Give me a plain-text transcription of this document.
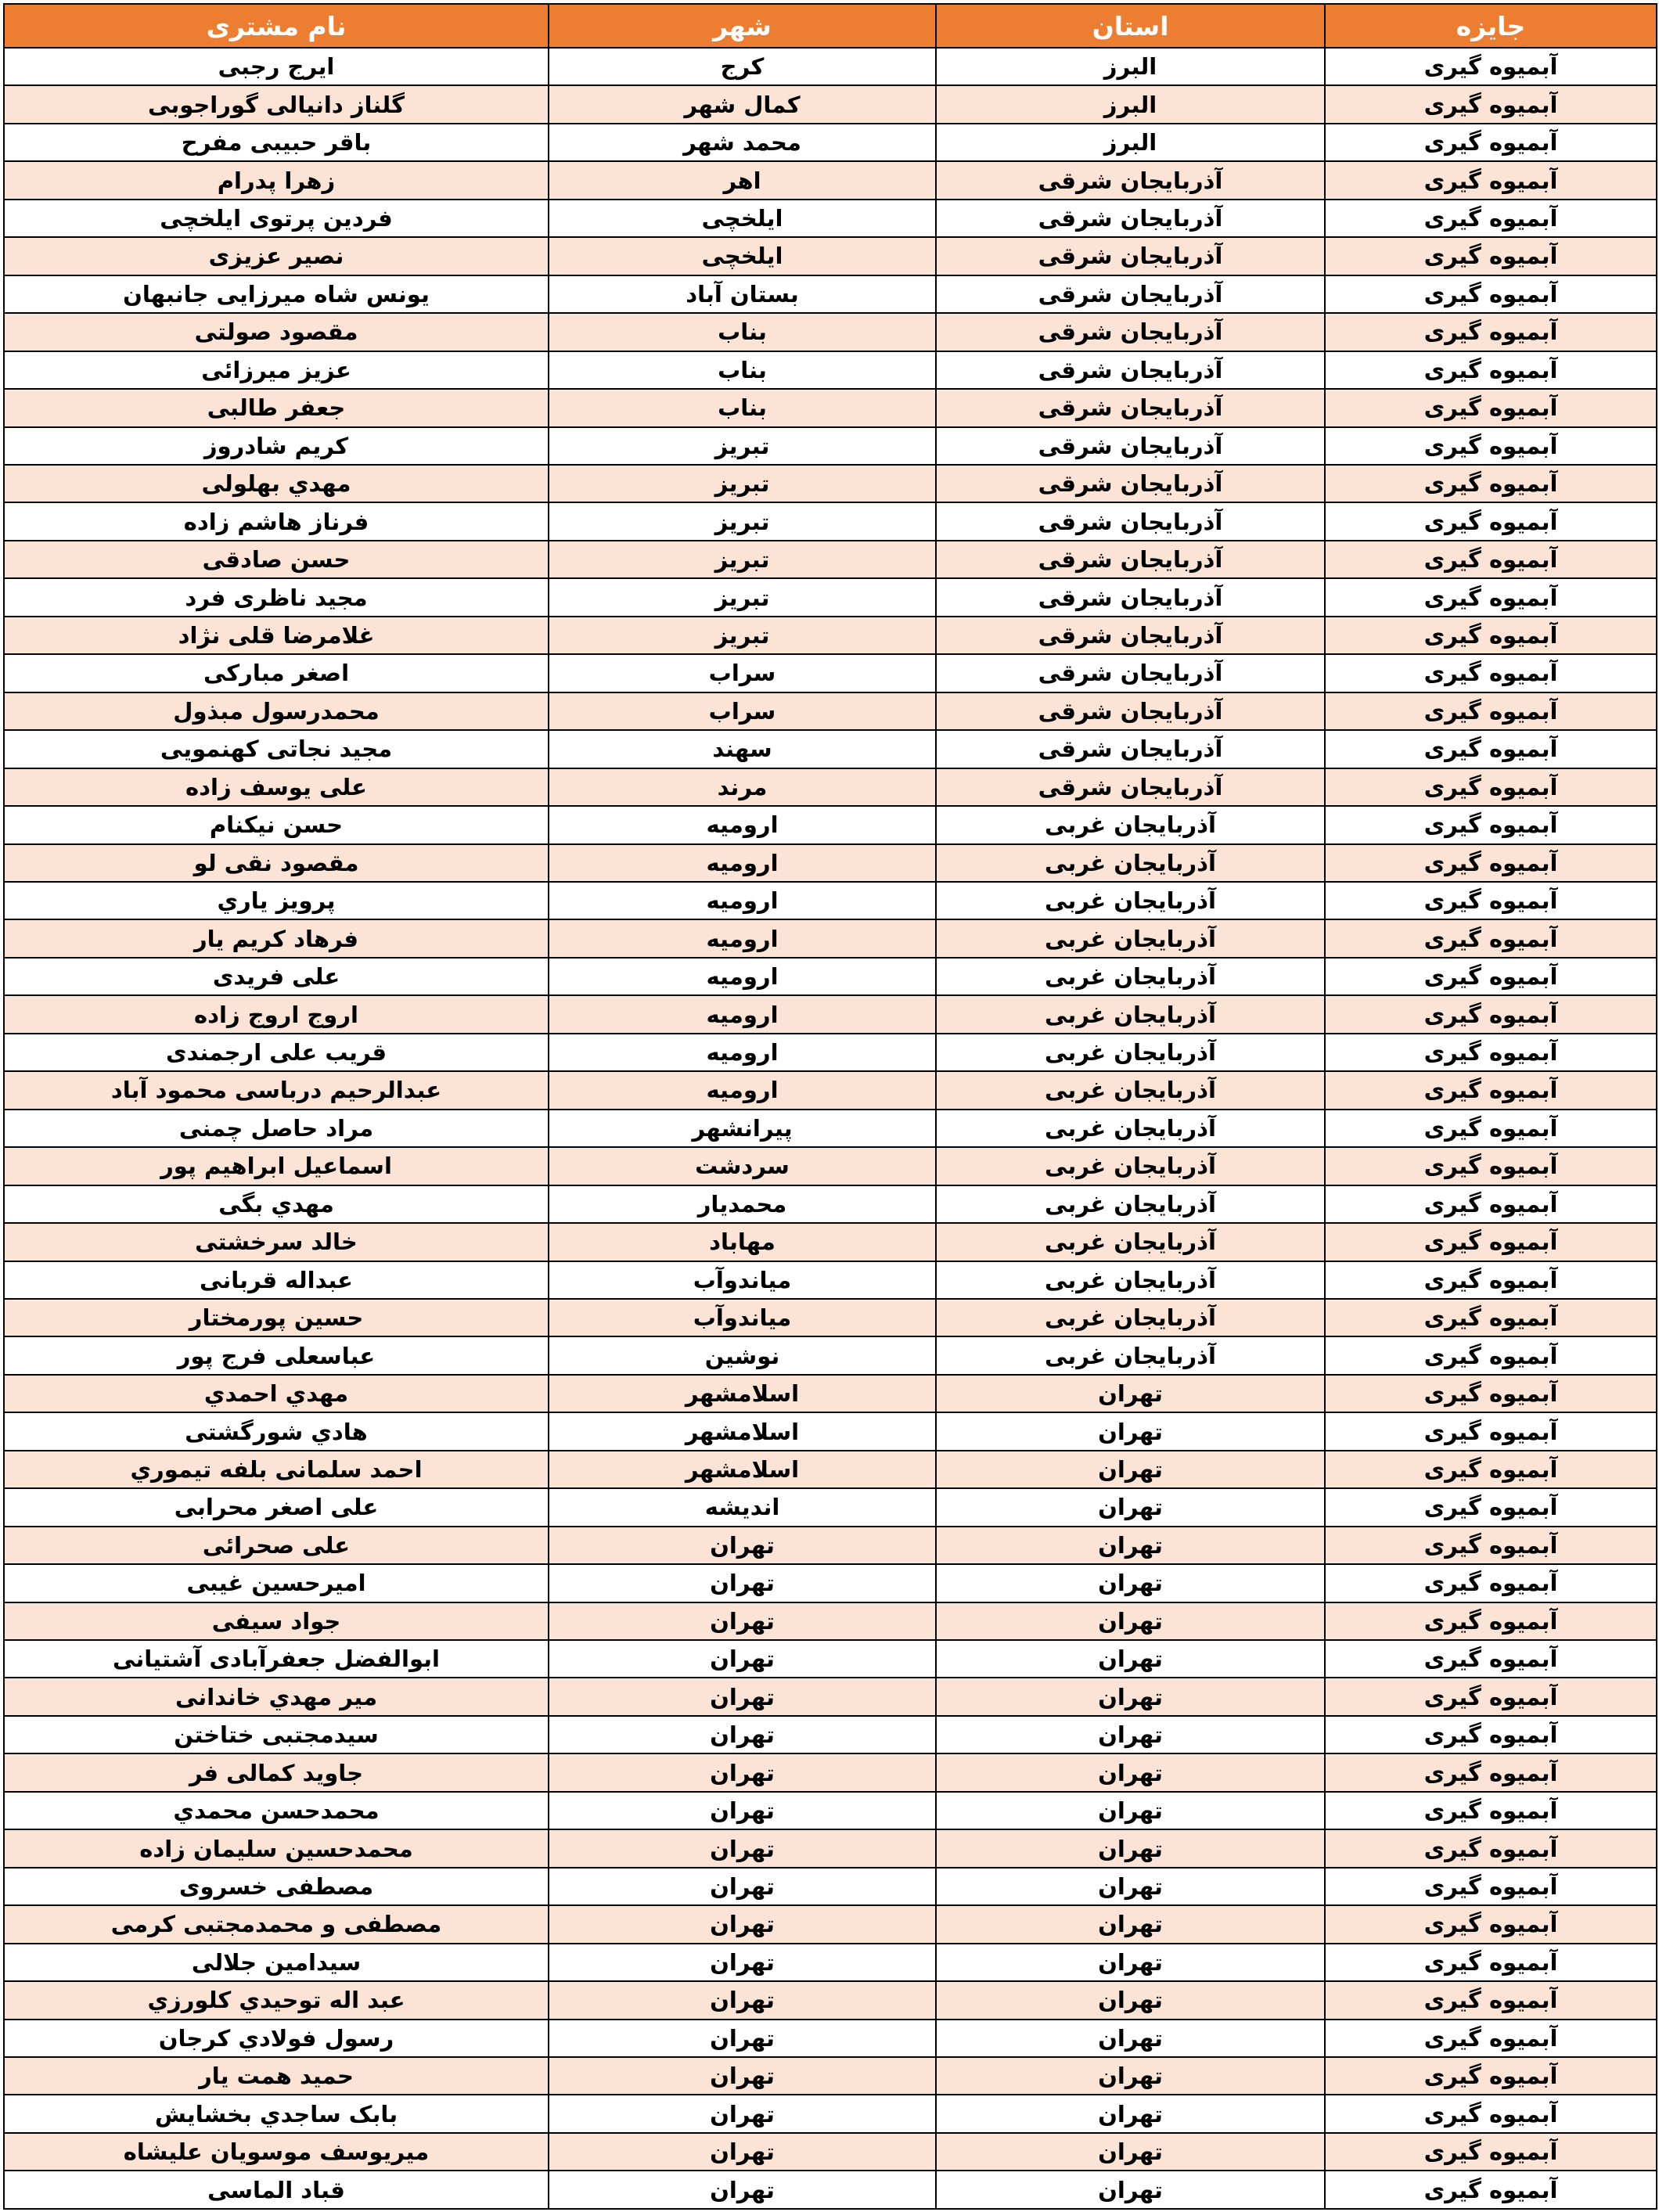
جایزه	استان	شهر	نام مشتری
آبمیوه گیری	البرز	کرج	ایرج رجبی
آبمیوه گیری	البرز	کمال شهر	گلناز دانیالی گوراجوبی
آبمیوه گیری	البرز	محمد شهر	باقر حبیبی مفرح
آبمیوه گیری	آذربایجان شرقی	اهر	زهرا پدرام
آبمیوه گیری	آذربایجان شرقی	ایلخچی	فردین پرتوی ایلخچی
آبمیوه گیری	آذربایجان شرقی	ایلخچی	نصیر عزیزی
آبمیوه گیری	آذربایجان شرقی	بستان آباد	یونس شاه میرزایی جانبهان
آبمیوه گیری	آذربایجان شرقی	بناب	مقصود صولتی
آبمیوه گیری	آذربایجان شرقی	بناب	عزیز میرزائی
آبمیوه گیری	آذربایجان شرقی	بناب	جعفر طالبی
آبمیوه گیری	آذربایجان شرقی	تبریز	کریم شادروز
آبمیوه گیری	آذربایجان شرقی	تبریز	مهدي بهلولی
آبمیوه گیری	آذربایجان شرقی	تبریز	فرناز هاشم زاده
آبمیوه گیری	آذربایجان شرقی	تبریز	حسن صادقی
آبمیوه گیری	آذربایجان شرقی	تبریز	مجید ناظری فرد
آبمیوه گیری	آذربایجان شرقی	تبریز	غلامرضا قلی نژاد
آبمیوه گیری	آذربایجان شرقی	سراب	اصغر مبارکی
آبمیوه گیری	آذربایجان شرقی	سراب	محمدرسول مبذول
آبمیوه گیری	آذربایجان شرقی	سهند	مجید نجاتی کهنمویی
آبمیوه گیری	آذربایجان شرقی	مرند	علی یوسف زاده
آبمیوه گیری	آذربایجان غربی	ارومیه	حسن نیکنام
آبمیوه گیری	آذربایجان غربی	ارومیه	مقصود نقی لو
آبمیوه گیری	آذربایجان غربی	ارومیه	پرويز ياري
آبمیوه گیری	آذربایجان غربی	ارومیه	فرهاد کریم یار
آبمیوه گیری	آذربایجان غربی	ارومیه	علی فریدی
آبمیوه گیری	آذربایجان غربی	ارومیه	اروج اروج زاده
آبمیوه گیری	آذربایجان غربی	ارومیه	قریب علی ارجمندی
آبمیوه گیری	آذربایجان غربی	ارومیه	عبدالرحیم درباسی محمود آباد
آبمیوه گیری	آذربایجان غربی	پیرانشهر	مراد حاصل چمنی
آبمیوه گیری	آذربایجان غربی	سردشت	اسماعیل ابراهیم پور
آبمیوه گیری	آذربایجان غربی	محمدیار	مهدي بگی
آبمیوه گیری	آذربایجان غربی	مهاباد	خالد سرخشتی
آبمیوه گیری	آذربایجان غربی	میاندوآب	عبداله قربانی
آبمیوه گیری	آذربایجان غربی	میاندوآب	حسین پورمختار
آبمیوه گیری	آذربایجان غربی	نوشین	عباسعلی فرج پور
آبمیوه گیری	تهران	اسلامشهر	مهدي احمدي
آبمیوه گیری	تهران	اسلامشهر	هادي شورگشتی
آبمیوه گیری	تهران	اسلامشهر	احمد سلمانی بلفه تیموري
آبمیوه گیری	تهران	اندیشه	علی اصغر محرابی
آبمیوه گیری	تهران	تهران	علی صحرائی
آبمیوه گیری	تهران	تهران	امیرحسین غیبی
آبمیوه گیری	تهران	تهران	جواد سیفی
آبمیوه گیری	تهران	تهران	ابوالفضل جعفرآبادی آشتیانی
آبمیوه گیری	تهران	تهران	میر مهدي خاندانی
آبمیوه گیری	تهران	تهران	سیدمجتبی ختاختن
آبمیوه گیری	تهران	تهران	جاوید کمالی فر
آبمیوه گیری	تهران	تهران	محمدحسن محمدي
آبمیوه گیری	تهران	تهران	محمدحسین سلیمان زاده
آبمیوه گیری	تهران	تهران	مصطفی خسروی
آبمیوه گیری	تهران	تهران	مصطفی و محمدمجتبی کرمی
آبمیوه گیری	تهران	تهران	سیدامین جلالی
آبمیوه گیری	تهران	تهران	عبد اله توحیدي کلورزي
آبمیوه گیری	تهران	تهران	رسول فولادي کرجان
آبمیوه گیری	تهران	تهران	حمید همت یار
آبمیوه گیری	تهران	تهران	بابک ساجدي بخشایش
آبمیوه گیری	تهران	تهران	میریوسف موسویان علیشاه
آبمیوه گیری	تهران	تهران	قباد الماسی
